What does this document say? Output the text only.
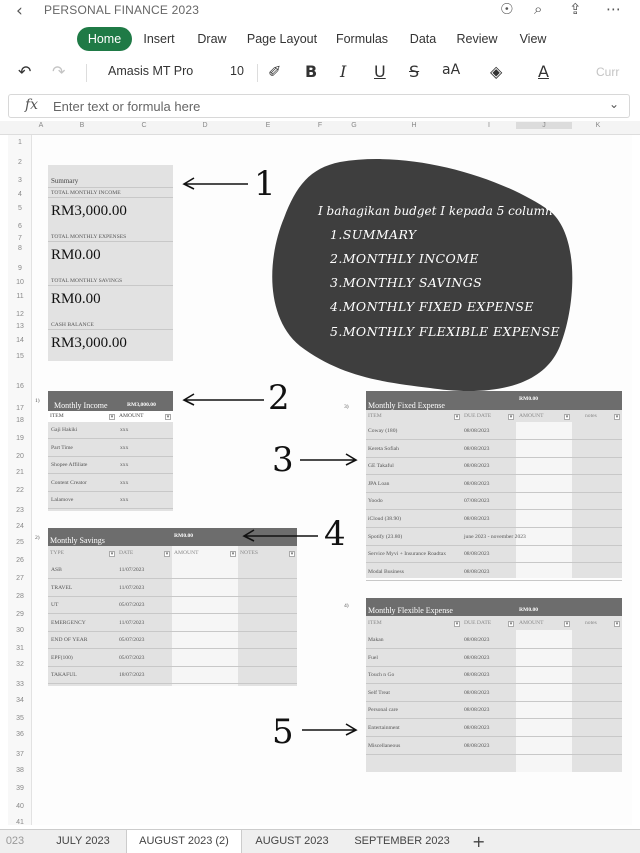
‹ PERSONAL FINANCE 2023	☉ ⌕ ⇪ ⋯
Home	Insert Draw Page Layout Formulas	Data	Review	View
↶ ↷	Amasis MT Pro	10 ✐ B I U S aA ◈ A	Curr
fx Enter text or formula here	⌄
A	B	C	D	E	F	G	H	I	J	K
1
2
3
4
5
6
7
8
9
10
11
12
13
14
15
16
17
18
19
20
21
22
23
24
25
26
27
28
29
30
31
32
33
34
35
36
37
38
39
40
41
Summary
TOTAL MONTHLY INCOME
RM3,000.00
TOTAL MONTHLY EXPENSES
RM0.00
TOTAL MONTHLY SAVINGS
RM0.00
CASH BALANCE
RM3,000.00
1
I bahagikan budget I kepada 5 column
1.SUMMARY
2.MONTHLY INCOME
3.MONTHLY SAVINGS
4.MONTHLY FIXED EXPENSE
5.MONTHLY FLEXIBLE EXPENSE
1) Monthly Income	RM3,000.00
ITEM	▾	AMOUNT	▾	2
2) Monthly Savings	RM0.00
TYPE	▾	DATE	▾	AMOUNT	▾	NOTES	▾ 4
3) Monthly Fixed Expense
RM0.00
ITEM	▾	DUE DATE	▾	AMOUNT	▾	notes	▾
3
4) Monthly Flexible Expense	RM0.00
ITEM	▾	DUE DATE	▾	AMOUNT	▾	notes	▾
5
023	JULY 2023	AUGUST 2023 (2)	AUGUST 2023	SEPTEMBER 2023	+
Gaji Hakiki	xxx
Part Time	xxx
Shopee Affiliate	xxx
Content Creator	xxx
Lalamove	xxx
ASB	11/07/2023
TRAVEL	11/07/2023
UT	05/07/2023
EMERGENCY	11/07/2023
END OF YEAR	05/07/2023
EPF(100)	05/07/2023
TAKAFUL	18/07/2023
Coway (180)	08/08/2023
Kereta Sofiah	08/08/2023
GE Takaful	08/08/2023
JPA Loan	08/08/2023
Yoodo	07/08/2023
iCloud (38.90)	08/08/2023
Spotify (23.80)	june 2023 - november 2023
Service Myvi + Insurance Roadtax	08/08/2023
Modal Business	08/08/2023
Makan	08/08/2023
Fuel	08/08/2023
Touch n Go	08/08/2023
Self Treat	08/08/2023
Personal care	08/08/2023
Entertainment	08/08/2023
Miscellaneous	08/08/2023
